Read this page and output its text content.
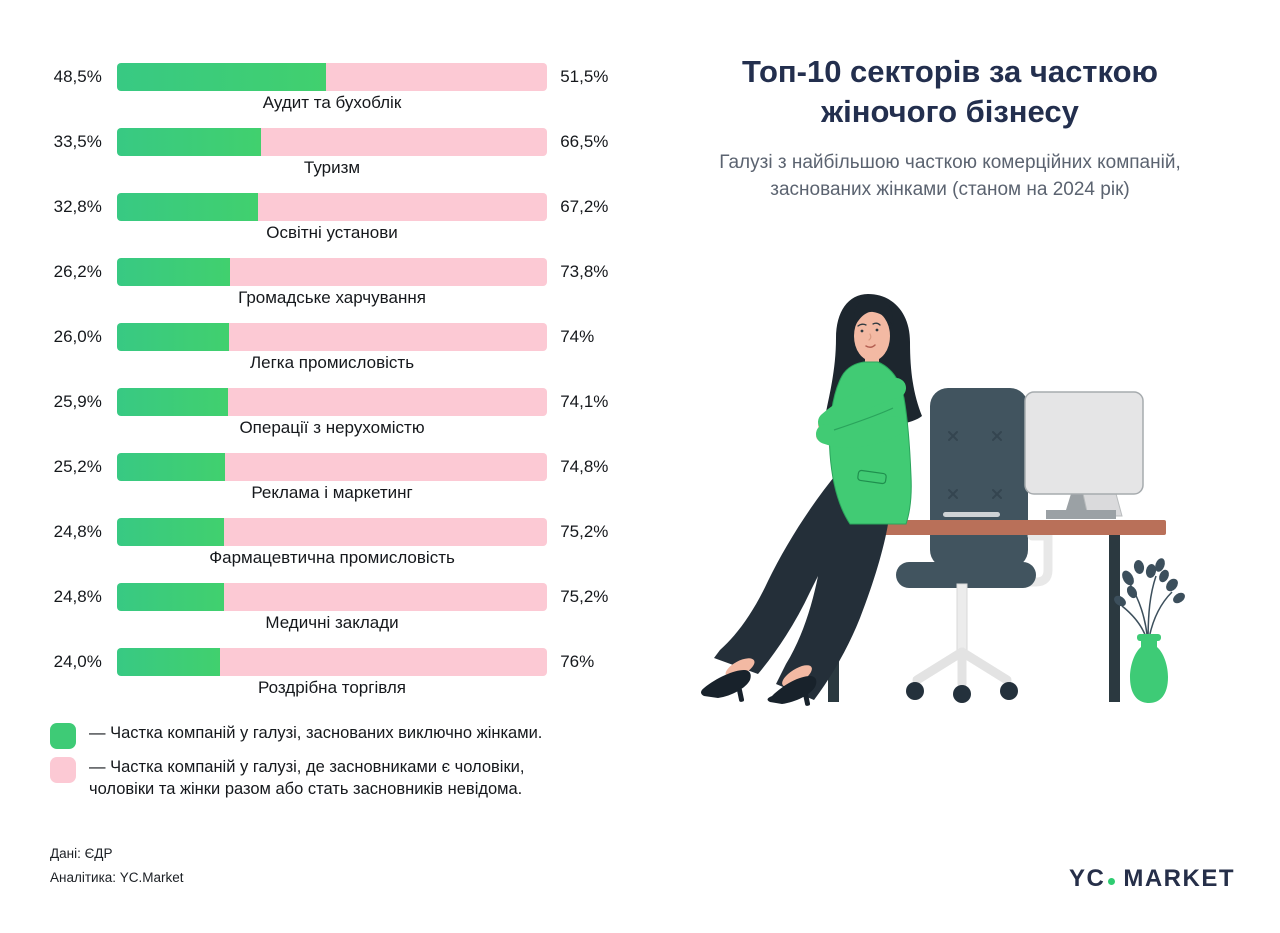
48,5%
Аудит та бухоблік
51,5%
33,5%
Туризм
66,5%
32,8%
Освітні установи
67,2%
26,2%
Громадське харчування
73,8%
26,0%
Легка промисловість
74%
25,9%
Операції з нерухомістю
74,1%
25,2%
Реклама і маркетинг
74,8%
24,8%
Фармацевтична промисловість
75,2%
24,8%
Медичні заклади
75,2%
24,0%
Роздрібна торгівля
76%
— Частка компаній у галузі, заснованих виключно жінками.
— Частка компаній у галузі, де засновниками є чоловіки, чоловіки та жінки разом або стать засновників невідома.
Дані: ЄДР
Аналітика: YC.Market
Топ-10 секторів за часткою жіночого бізнесу

Галузі з найбільшою часткою комерційних компаній, заснованих жінками (станом на 2024 рік)

YC MARKET
